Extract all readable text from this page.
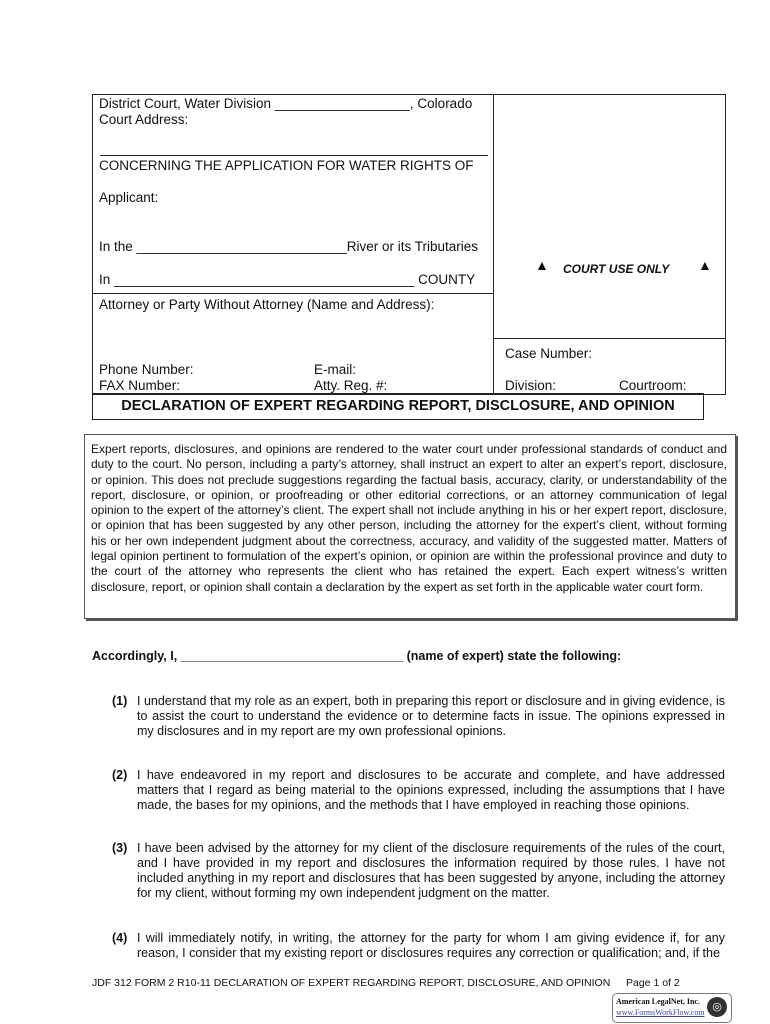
District Court, Water Division __________________, Colorado
Court Address:
CONCERNING THE APPLICATION FOR WATER RIGHTS OF
Applicant:
In the ____________________________River or its Tributaries
In ________________________________________ COUNTY
Attorney or Party Without Attorney (Name and Address):
Phone Number:	E-mail:
FAX Number:	Atty. Reg. #:
▲ COURT USE ONLY ▲
Case Number:
Division:	Courtroom:
DECLARATION OF EXPERT REGARDING REPORT, DISCLOSURE, AND OPINION
Expert reports, disclosures, and opinions are rendered to the water court under professional standards of conduct and duty to the court. No person, including a party’s attorney, shall instruct an expert to alter an expert’s report, disclosure, or opinion. This does not preclude suggestions regarding the factual basis, accuracy, clarity, or understandability of the report, disclosure, or opinion, or proofreading or other editorial corrections, or an attorney communication of legal opinion to the expert of the attorney’s client. The expert shall not include anything in his or her expert report, disclosure, or opinion that has been suggested by any other person, including the attorney for the expert’s client, without forming his or her own independent judgment about the correctness, accuracy, and validity of the suggested matter. Matters of legal opinion pertinent to formulation of the expert’s opinion, or opinion are within the professional province and duty to the court of the attorney who represents the client who has retained the expert. Each expert witness’s written disclosure, report, or opinion shall contain a declaration by the expert as set forth in the applicable water court form.
Accordingly, I, ________________________________ (name of expert) state the following:
(1) I understand that my role as an expert, both in preparing this report or disclosure and in giving evidence, is to assist the court to understand the evidence or to determine facts in issue. The opinions expressed in my disclosures and in my report are my own professional opinions.
(2) I have endeavored in my report and disclosures to be accurate and complete, and have addressed matters that I regard as being material to the opinions expressed, including the assumptions that I have made, the bases for my opinions, and the methods that I have employed in reaching those opinions.
(3) I have been advised by the attorney for my client of the disclosure requirements of the rules of the court, and I have provided in my report and disclosures the information required by those rules. I have not included anything in my report and disclosures that has been suggested by anyone, including the attorney for my client, without forming my own independent judgment on the matter.
(4) I will immediately notify, in writing, the attorney for the party for whom I am giving evidence if, for any reason, I consider that my existing report or disclosures requires any correction or qualification; and, if the
JDF 312 FORM 2 R10-11 DECLARATION OF EXPERT REGARDING REPORT, DISCLOSURE, AND OPINION Page 1 of 2
American LegalNet, Inc.
www.FormsWorkFlow.com ◎
